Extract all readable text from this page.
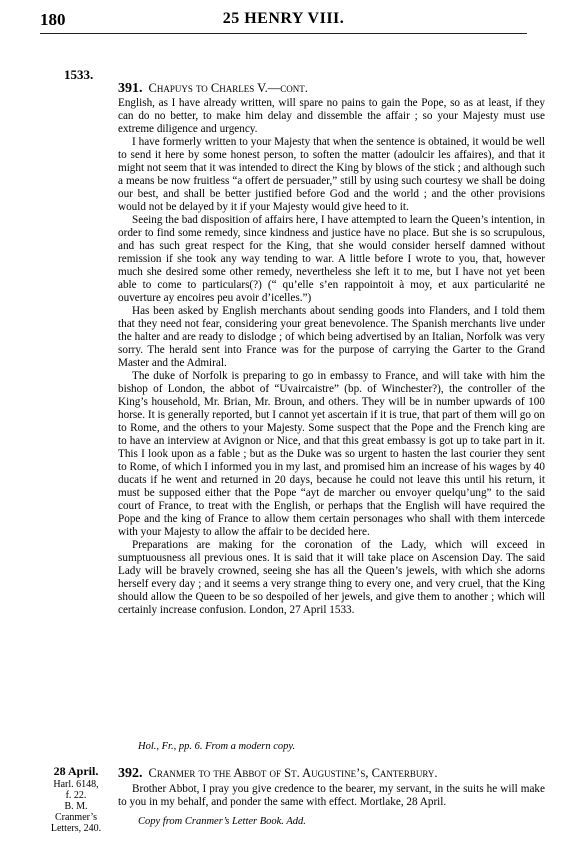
180	25 HENRY VIII.
1533.
391. Chapuys to Charles V.—cont.

English, as I have already written, will spare no pains to gain the Pope, so as at least, if they can do no better, to make him delay and dissemble the affair ; so your Majesty must use extreme diligence and urgency.

I have formerly written to your Majesty that when the sentence is obtained, it would be well to send it here by some honest person, to soften the matter (adoulcir les affaires), and that it might not seem that it was intended to direct the King by blows of the stick ; and although such a means be now fruitless “a offert de persuader,” still by using such courtesy we shall be doing our best, and shall be better justified before God and the world ; and the other provisions would not be delayed by it if your Majesty would give heed to it.

Seeing the bad disposition of affairs here, I have attempted to learn the Queen’s intention, in order to find some remedy, since kindness and justice have no place. But she is so scrupulous, and has such great respect for the King, that she would consider herself damned without remission if she took any way tending to war. A little before I wrote to you, that, however much she desired some other remedy, nevertheless she left it to me, but I have not yet been able to come to particulars(?) (“ qu’elle s’en rappointoit à moy, et aux particularité ne ouverture ay encoires peu avoir d’icelles.”)

Has been asked by English merchants about sending goods into Flanders, and I told them that they need not fear, considering your great benevolence. The Spanish merchants live under the halter and are ready to dislodge ; of which being advertised by an Italian, Norfolk was very sorry. The herald sent into France was for the purpose of carrying the Garter to the Grand Master and the Admiral.

The duke of Norfolk is preparing to go in embassy to France, and will take with him the bishop of London, the abbot of “Uvaircaistre” (bp. of Winchester?), the controller of the King’s household, Mr. Brian, Mr. Broun, and others. They will be in number upwards of 100 horse. It is generally reported, but I cannot yet ascertain if it is true, that part of them will go on to Rome, and the others to your Majesty. Some suspect that the Pope and the French king are to have an interview at Avignon or Nice, and that this great embassy is got up to take part in it. This I look upon as a fable ; but as the Duke was so urgent to hasten the last courier they sent to Rome, of which I informed you in my last, and promised him an increase of his wages by 40 ducats if he went and returned in 20 days, because he could not leave this until his return, it must be supposed either that the Pope “ayt de marcher ou envoyer quelqu’ung” to the said court of France, to treat with the English, or perhaps that the English will have required the Pope and the king of France to allow them certain personages who shall with them intercede with your Majesty to allow the affair to be decided here.

Preparations are making for the coronation of the Lady, which will exceed in sumptuousness all previous ones. It is said that it will take place on Ascension Day. The said Lady will be bravely crowned, seeing she has all the Queen’s jewels, with which she adorns herself every day ; and it seems a very strange thing to every one, and very cruel, that the King should allow the Queen to be so despoiled of her jewels, and give them to another ; which will certainly increase confusion. London, 27 April 1533.

Hol., Fr., pp. 6. From a modern copy.
28 April.
Harl. 6148,
f. 22.
B. M.
Cranmer’s
Letters, 240.
392. Cranmer to the Abbot of St. Augustine’s, Canterbury.

Brother Abbot, I pray you give credence to the bearer, my servant, in the suits he will make to you in my behalf, and ponder the same with effect. Mortlake, 28 April.

Copy from Cranmer’s Letter Book. Add.
